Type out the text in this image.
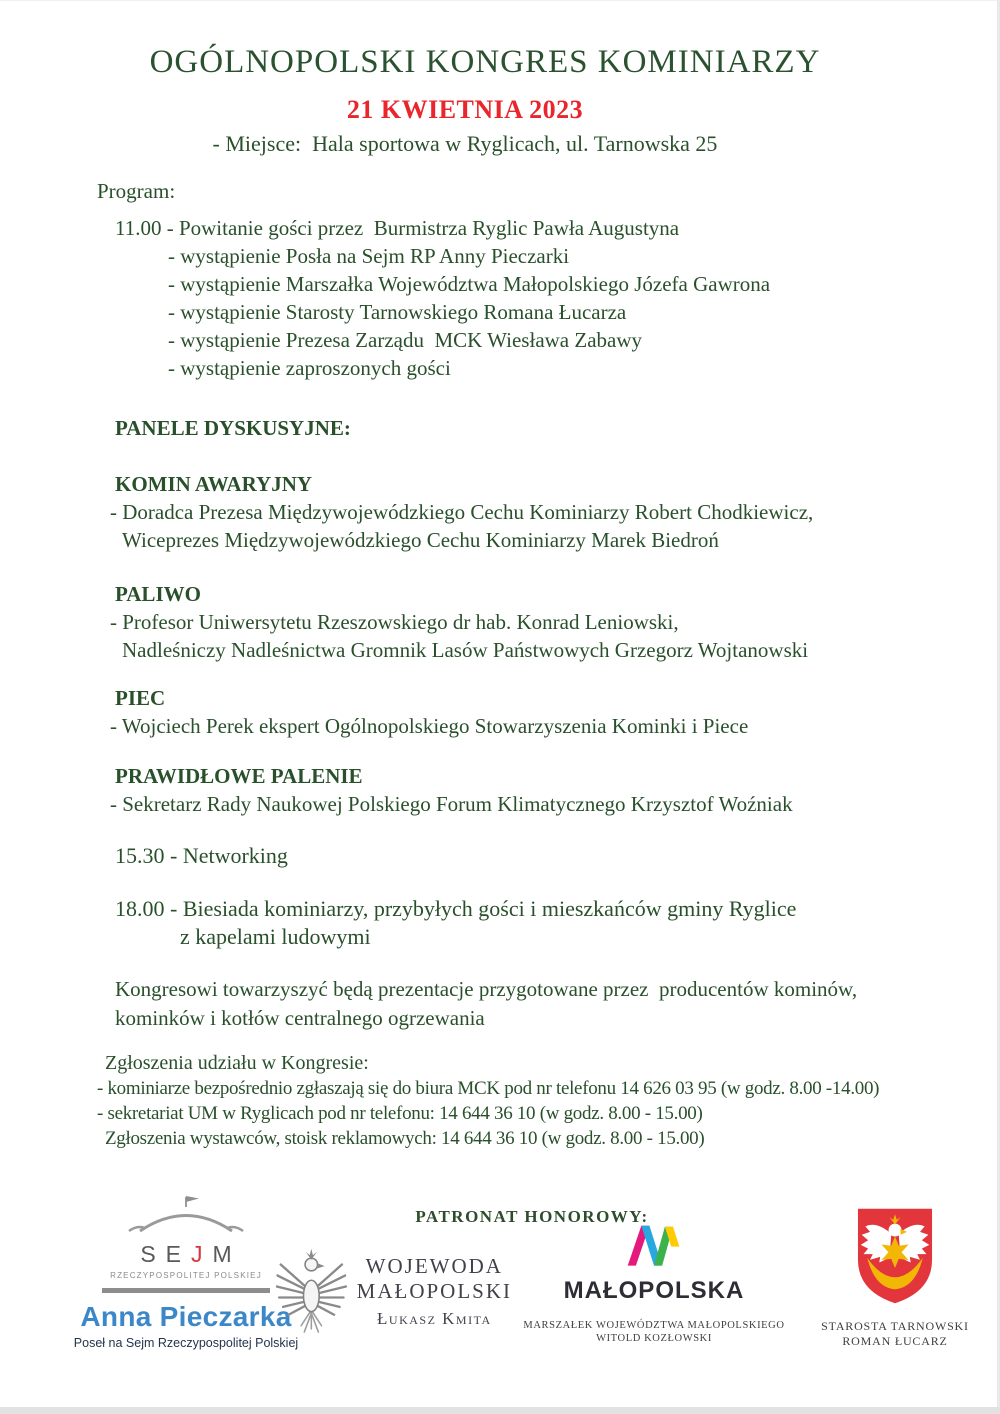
OGÓLNOPOLSKI KONGRES KOMINIARZY
21 KWIETNIA 2023
- Miejsce:  Hala sportowa w Ryglicach, ul. Tarnowska 25
Program:
11.00 - Powitanie gości przez  Burmistrza Ryglic Pawła Augustyna
- wystąpienie Posła na Sejm RP Anny Pieczarki
- wystąpienie Marszałka Województwa Małopolskiego Józefa Gawrona
- wystąpienie Starosty Tarnowskiego Romana Łucarza
- wystąpienie Prezesa Zarządu  MCK Wiesława Zabawy
- wystąpienie zaproszonych gości
PANELE DYSKUSYJNE:
KOMIN AWARYJNY
- Doradca Prezesa Międzywojewódzkiego Cechu Kominiarzy Robert Chodkiewicz,
Wiceprezes Międzywojewódzkiego Cechu Kominiarzy Marek Biedroń
PALIWO
- Profesor Uniwersytetu Rzeszowskiego dr hab. Konrad Leniowski,
Nadleśniczy Nadleśnictwa Gromnik Lasów Państwowych Grzegorz Wojtanowski
PIEC
- Wojciech Perek ekspert Ogólnopolskiego Stowarzyszenia Kominki i Piece
PRAWIDŁOWE PALENIE
- Sekretarz Rady Naukowej Polskiego Forum Klimatycznego Krzysztof Woźniak
15.30 - Networking
18.00 - Biesiada kominiarzy, przybyłych gości i mieszkańców gminy Ryglice
z kapelami ludowymi
Kongresowi towarzyszyć będą prezentacje przygotowane przez  producentów kominów,
kominków i kotłów centralnego ogrzewania
Zgłoszenia udziału w Kongresie:
- kominiarze bezpośrednio zgłaszają się do biura MCK pod nr telefonu 14 626 03 95 (w godz. 8.00 -14.00)
- sekretariat UM w Ryglicach pod nr telefonu: 14 644 36 10 (w godz. 8.00 - 15.00)
Zgłoszenia wystawców, stoisk reklamowych: 14 644 36 10 (w godz. 8.00 - 15.00)
PATRONAT HONOROWY:
S E J M
RZECZYPOSPOLITEJ POLSKIEJ
Anna Pieczarka
Poseł na Sejm Rzeczypospolitej Polskiej
WOJEWODA
MAŁOPOLSKI
Łukasz Kmita
MAŁOPOLSKA
MARSZAŁEK WOJEWÓDZTWA MAŁOPOLSKIEGO
WITOLD KOZŁOWSKI
STAROSTA TARNOWSKI
ROMAN ŁUCARZ
